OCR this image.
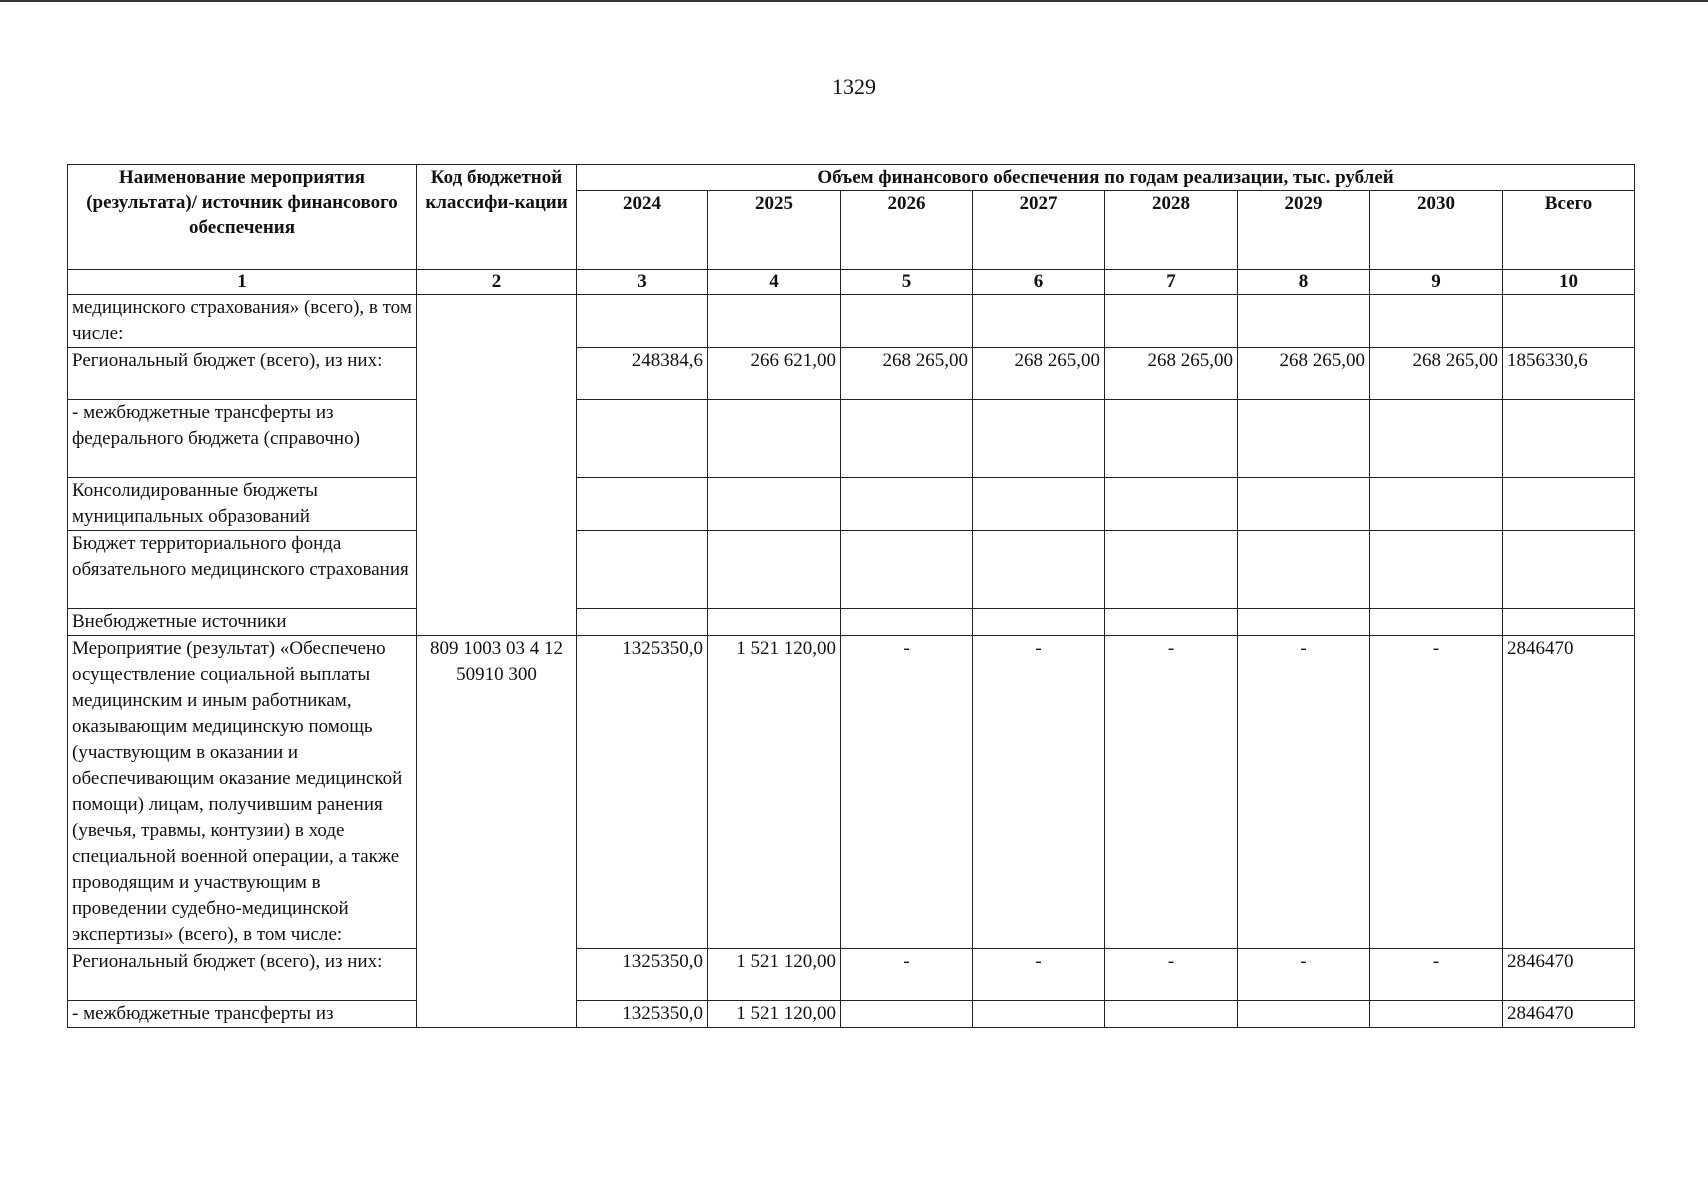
1329
Наименование мероприятия (результата)/ источник финансового обеспечения	Код бюджетной классифи-кации	Объем финансового обеспечения по годам реализации, тыс. рублей							
		2024	2025	2026	2027	2028	2029	2030	Всего
1	2	3	4	5	6	7	8	9	10
медицинского страхования» (всего), в том числе:									
Региональный бюджет (всего), из них:		248384,6	266 621,00	268 265,00	268 265,00	268 265,00	268 265,00	268 265,00	1856330,6
- межбюджетные трансферты из федерального бюджета (справочно)									
Консолидированные бюджеты муниципальных образований									
Бюджет территориального фонда обязательного медицинского страхования									
Внебюджетные источники									
Мероприятие (результат) «Обеспечено осуществление социальной выплаты медицинским и иным работникам, оказывающим медицинскую помощь (участвующим в оказании и обеспечивающим оказание медицинской помощи) лицам, получившим ранения (увечья, травмы, контузии) в ходе специальной военной операции, а также проводящим и участвующим в проведении судебно-медицинской экспертизы» (всего), в том числе:	809 1003 03 4 12 50910 300	1325350,0	1 521 120,00	-	-	-	-	-	2846470
Региональный бюджет (всего), из них:		1325350,0	1 521 120,00	-	-	-	-	-	2846470
- межбюджетные трансферты из		1325350,0	1 521 120,00						2846470
